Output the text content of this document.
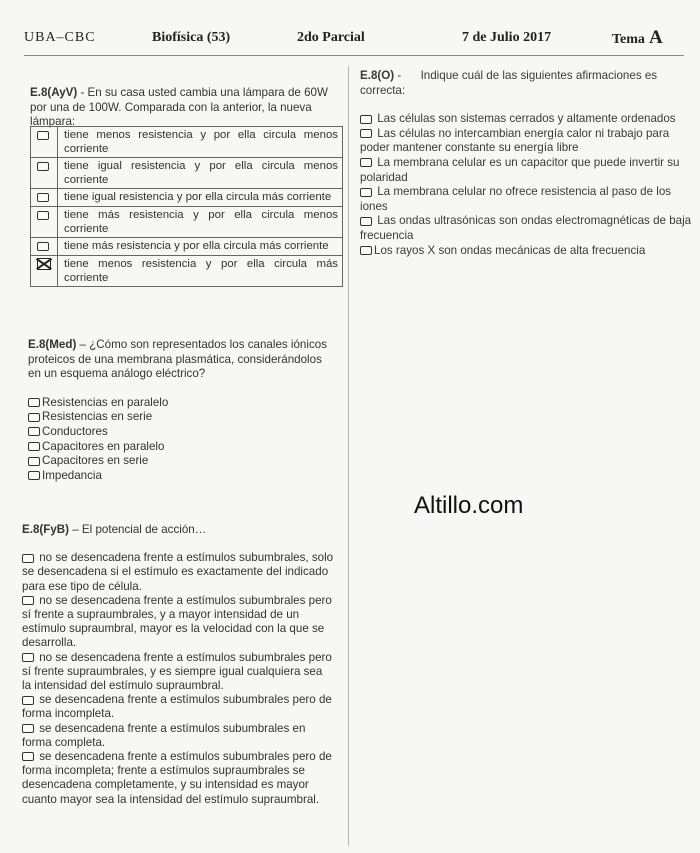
UBA–CBC	Biofísica (53)	2do Parcial	7 de Julio 2017	Tema A
E.8(AyV) - En su casa usted cambia una lámpara de 60W por una de 100W. Comparada con la anterior, la nueva lámpara:
	tiene menos resistencia y por ella circula menos corriente
	tiene igual resistencia y por ella circula menos corriente
	tiene igual resistencia y por ella circula más corriente
	tiene más resistencia y por ella circula menos corriente
	tiene más resistencia y por ella circula más corriente
	tiene menos resistencia y por ella circula más corriente
E.8(Med) – ¿Cómo son representados los canales iónicos proteicos de una membrana plasmática, considerándolos en un esquema análogo eléctrico?
Resistencias en paralelo
Resistencias en serie
Conductores
Capacitores en paralelo
Capacitores en serie
Impedancia
E.8(FyB) – El potencial de acción…
no se desencadena frente a estímulos subumbrales, solo se desencadena si el estímulo es exactamente del indicado para ese tipo de célula.
no se desencadena frente a estímulos subumbrales pero sí frente a supraumbrales, y a mayor intensidad de un estímulo supraumbral, mayor es la velocidad con la que se desarrolla.
no se desencadena frente a estímulos subumbrales pero sí frente supraumbrales, y es siempre igual cualquiera sea la intensidad del estímulo supraumbral.
se desencadena frente a estímulos subumbrales pero de forma incompleta.
se desencadena frente a estímulos subumbrales en forma completa.
se desencadena frente a estímulos subumbrales pero de forma incompleta; frente a estímulos supraumbrales se desencadena completamente, y su intensidad es mayor cuanto mayor sea la intensidad del estímulo supraumbral.
E.8(O) -      Indique cuál de las siguientes afirmaciones es correcta:
Las células son sistemas cerrados y altamente ordenados
Las células no intercambian energía calor ni trabajo para poder mantener constante su energía libre
La membrana celular es un capacitor que puede invertir su polaridad
La membrana celular no ofrece resistencia al paso de los iones
Las ondas ultrasónicas son ondas electromagnéticas de baja frecuencia
Los rayos X son ondas mecánicas de alta frecuencia
Altillo.com
